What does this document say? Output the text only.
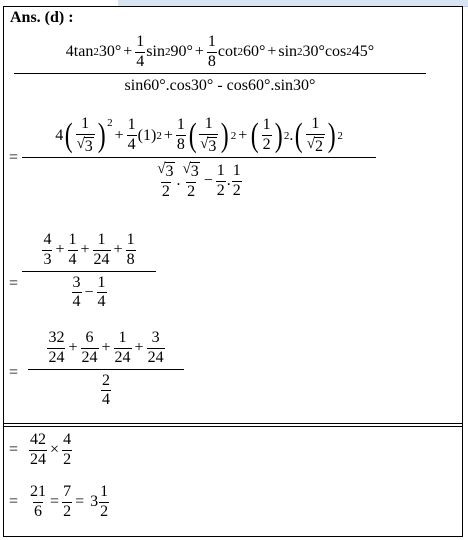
Ans. (d) :
4 tan 2 $30^\circ + \frac{1}{4}$ sin 2 $90^\circ + \frac{1}{8}$ cot 2 60° + sin 2 30° cos 2 45°
sin60°.cos30° - cos60°.sin30°
=
4 ( $\frac{1}{√ 3}$ ) 2
+ $\frac{1}{4} (1) 2 + \frac{1}{8}$ ( $\frac{1}{√ 3}$ ) 2 + ( $\frac{1}{2}$ ) 2 . ( $\frac{1}{√ 2}$ ) 2
$\frac{√ 3}{2}$ . $\frac{√ 3}{2} - \frac{1}{2}$ . $\frac{1}{2}$
= $\frac{\frac{4}{3} + \frac{1}{4} + \frac{1}{24} + \frac{1}{8}}{\frac{3}{4} - \frac{1}{4}}$
= $\frac{\frac{32}{24} + \frac{6}{24} + \frac{1}{24} + \frac{3}{24}}{\frac{2}{4}}$
= $\frac{42}{24} \times \frac{4}{2}$
= $\frac{21}{6} = \frac{7}{2} = 3 \frac{1}{2}$
